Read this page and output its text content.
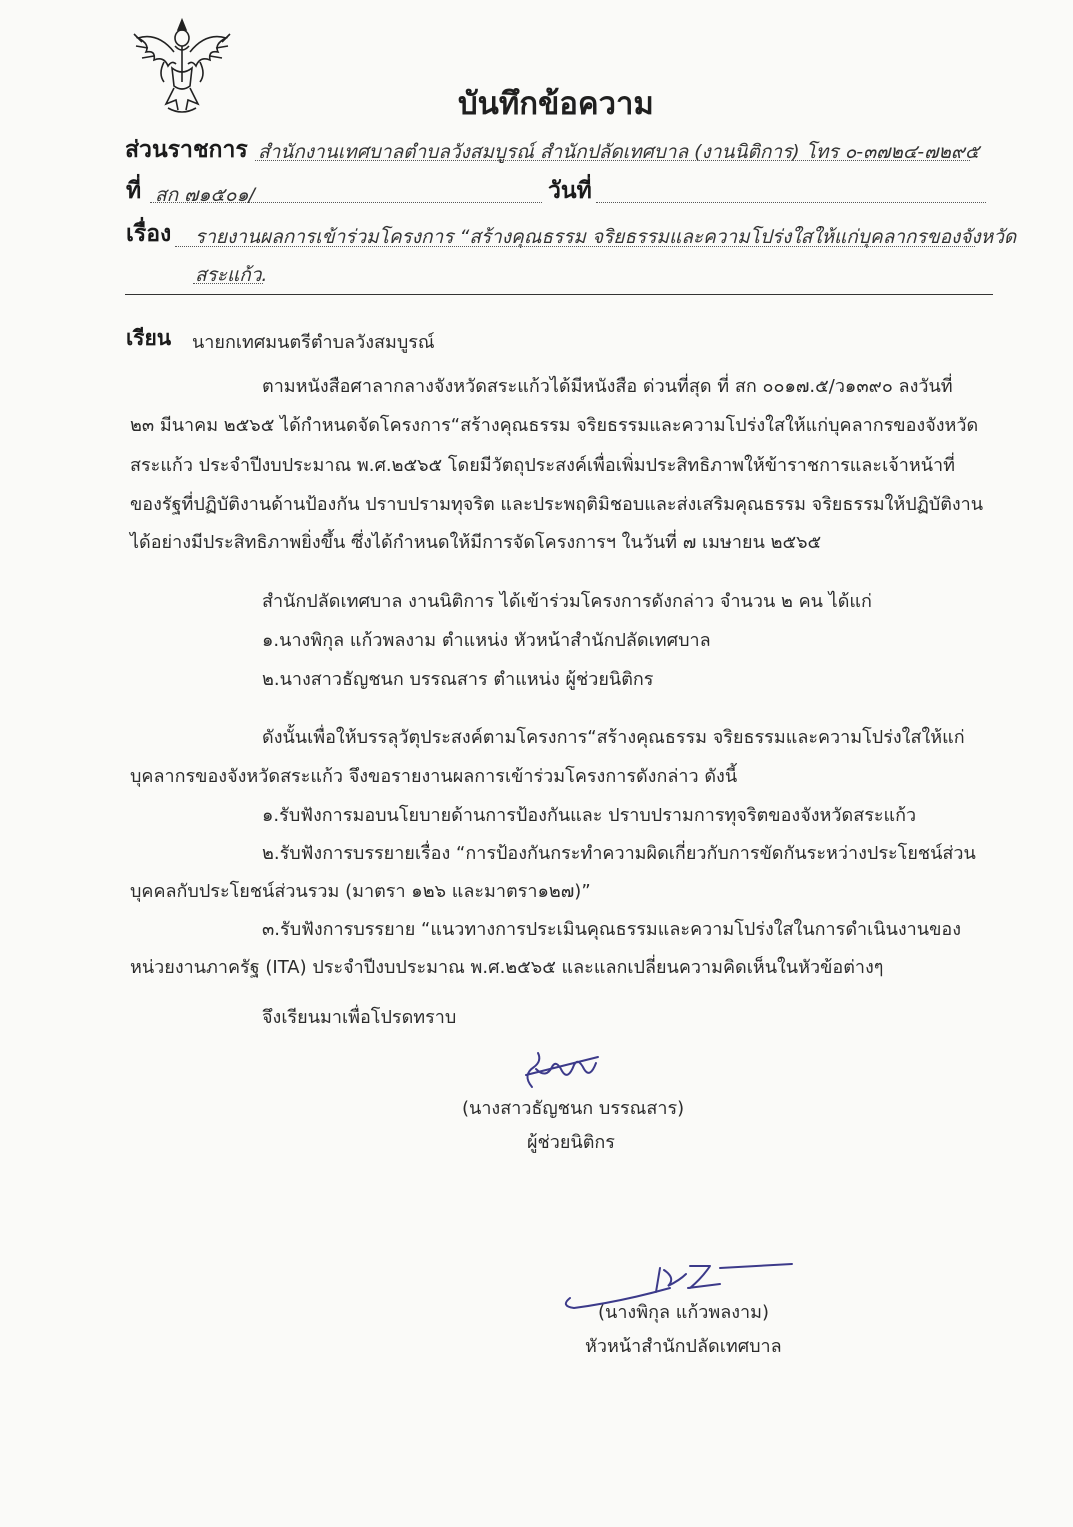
บันทึกข้อความ
ส่วนราชการ สำนักงานเทศบาลตำบลวังสมบูรณ์ สำนักปลัดเทศบาล (งานนิติการ) โทร ๐-๓๗๒๔-๗๒๙๕
ที่ สก ๗๑๕๐๑/	วันที่
เรื่อง รายงานผลการเข้าร่วมโครงการ “สร้างคุณธรรม จริยธรรมและความโปร่งใสให้แก่บุคลากรของจังหวัด
สระแก้ว.
เรียน นายกเทศมนตรีตำบลวังสมบูรณ์
ตามหนังสือศาลากลางจังหวัดสระแก้วได้มีหนังสือ ด่วนที่สุด ที่ สก ๐๐๑๗.๕/ว๑๓๙๐ ลงวันที่
๒๓ มีนาคม ๒๕๖๕ ได้กำหนดจัดโครงการ“สร้างคุณธรรม จริยธรรมและความโปร่งใสให้แก่บุคลากรของจังหวัด
สระแก้ว ประจำปีงบประมาณ พ.ศ.๒๕๖๕ โดยมีวัตถุประสงค์เพื่อเพิ่มประสิทธิภาพให้ข้าราชการและเจ้าหน้าที่
ของรัฐที่ปฏิบัติงานด้านป้องกัน ปราบปรามทุจริต และประพฤติมิชอบและส่งเสริมคุณธรรม จริยธรรมให้ปฏิบัติงาน
ได้อย่างมีประสิทธิภาพยิ่งขึ้น ซึ่งได้กำหนดให้มีการจัดโครงการฯ ในวันที่ ๗ เมษายน ๒๕๖๕
สำนักปลัดเทศบาล งานนิติการ ได้เข้าร่วมโครงการดังกล่าว จำนวน ๒ คน ได้แก่
๑.นางพิกุล แก้วพลงาม ตำแหน่ง หัวหน้าสำนักปลัดเทศบาล
๒.นางสาวธัญชนก บรรณสาร ตำแหน่ง ผู้ช่วยนิติกร
ดังนั้นเพื่อให้บรรลุวัตุประสงค์ตามโครงการ“สร้างคุณธรรม จริยธรรมและความโปร่งใสให้แก่
บุคลากรของจังหวัดสระแก้ว จึงขอรายงานผลการเข้าร่วมโครงการดังกล่าว ดังนี้
๑.รับฟังการมอบนโยบายด้านการป้องกันและ ปราบปรามการทุจริตของจังหวัดสระแก้ว
๒.รับฟังการบรรยายเรื่อง “การป้องกันกระทำความผิดเกี่ยวกับการขัดกันระหว่างประโยชน์ส่วน
บุคคลกับประโยชน์ส่วนรวม (มาตรา ๑๒๖ และมาตรา๑๒๗)”
๓.รับฟังการบรรยาย “แนวทางการประเมินคุณธรรมและความโปร่งใสในการดำเนินงานของ
หน่วยงานภาครัฐ (ITA) ประจำปีงบประมาณ พ.ศ.๒๕๖๕ และแลกเปลี่ยนความคิดเห็นในหัวข้อต่างๆ
จึงเรียนมาเพื่อโปรดทราบ
(นางสาวธัญชนก บรรณสาร)
ผู้ช่วยนิติกร
(นางพิกุล แก้วพลงาม)
หัวหน้าสำนักปลัดเทศบาล
